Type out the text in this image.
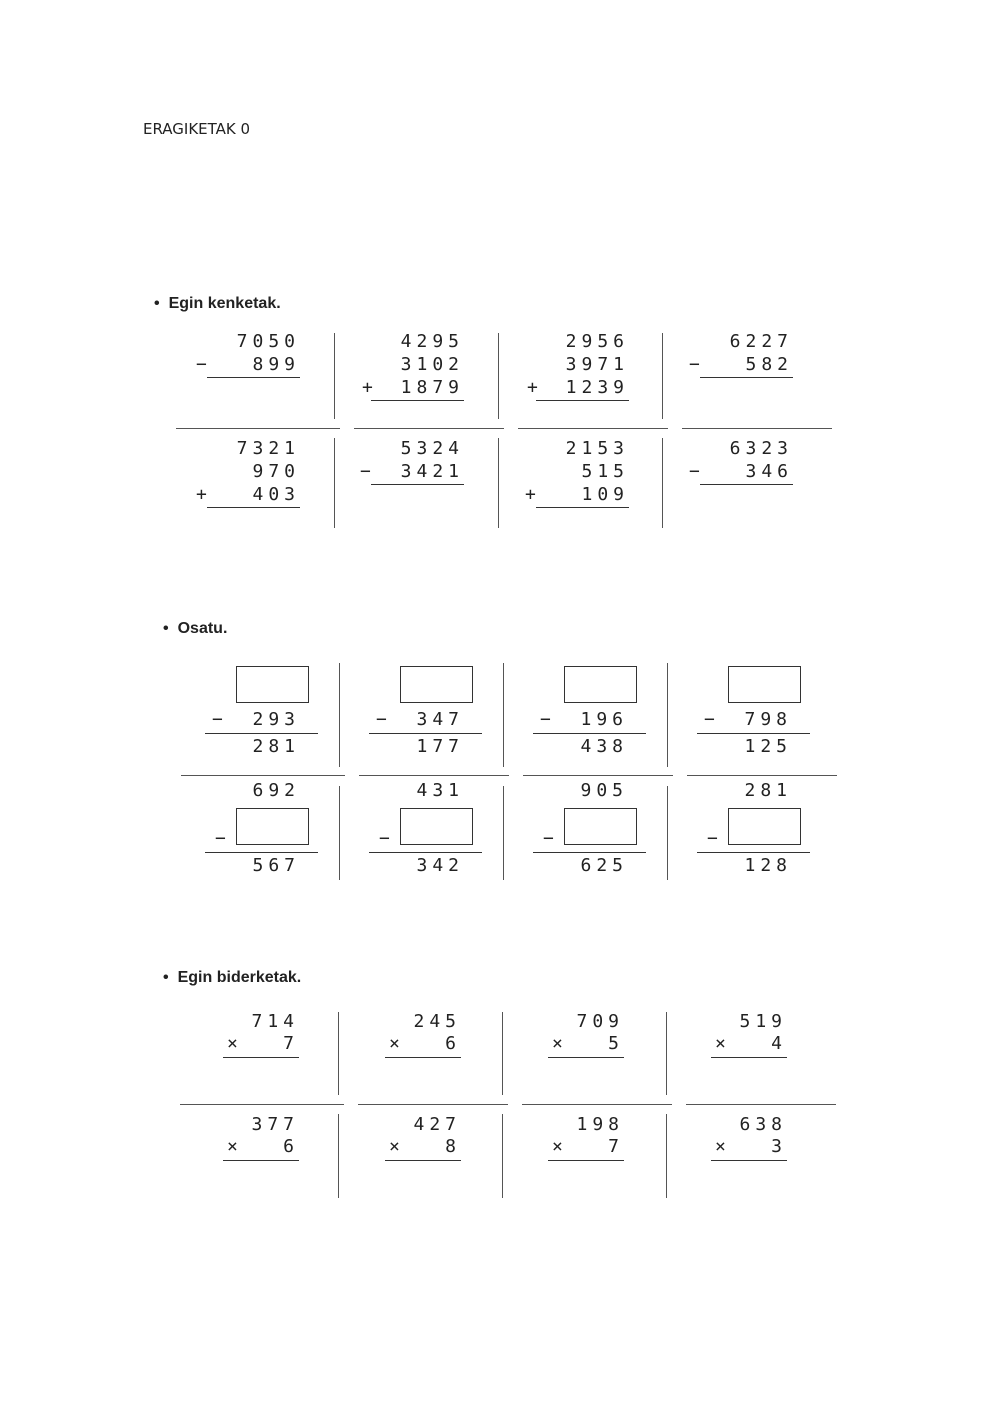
ERAGIKETAK 0
• Egin kenketak.
• Osatu.
• Egin biderketak.
7050
899
−
4295
3102
1879
+
2956
3971
1239
+
6227
582
−
7321
970
403
+
5324
3421
−
2153
515
109
+
6323
346
−
293
−
281
347
−
177
196
−
438
798
−
125
692
−
567
431
−
342
905
−
625
281
−
128
714
7
×
245
6
×
709
5
×
519
4
×
377
6
×
427
8
×
198
7
×
638
3
×
